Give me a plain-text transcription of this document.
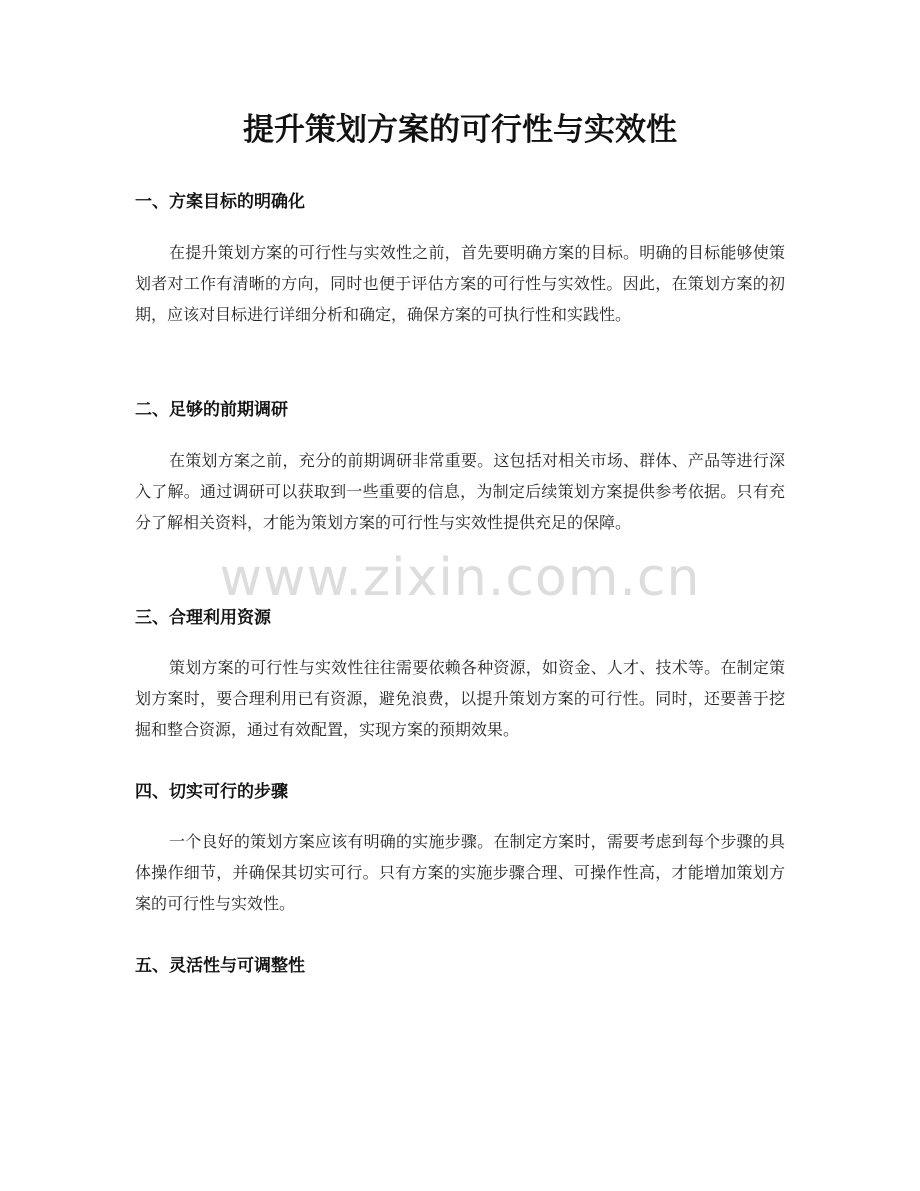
提升策划方案的可行性与实效性
一、方案目标的明确化

在提升策划方案的可行性与实效性之前，首先要明确方案的目标。明确的目标能够使策划者对工作有清晰的方向，同时也便于评估方案的可行性与实效性。因此，在策划方案的初期，应该对目标进行详细分析和确定，确保方案的可执行性和实践性。

二、足够的前期调研

在策划方案之前，充分的前期调研非常重要。这包括对相关市场、群体、产品等进行深入了解。通过调研可以获取到一些重要的信息，为制定后续策划方案提供参考依据。只有充分了解相关资料，才能为策划方案的可行性与实效性提供充足的保障。

www.zixin.com.cn
三、合理利用资源

策划方案的可行性与实效性往往需要依赖各种资源，如资金、人才、技术等。在制定策划方案时，要合理利用已有资源，避免浪费，以提升策划方案的可行性。同时，还要善于挖掘和整合资源，通过有效配置，实现方案的预期效果。

四、切实可行的步骤

一个良好的策划方案应该有明确的实施步骤。在制定方案时，需要考虑到每个步骤的具体操作细节，并确保其切实可行。只有方案的实施步骤合理、可操作性高，才能增加策划方案的可行性与实效性。

五、灵活性与可调整性
